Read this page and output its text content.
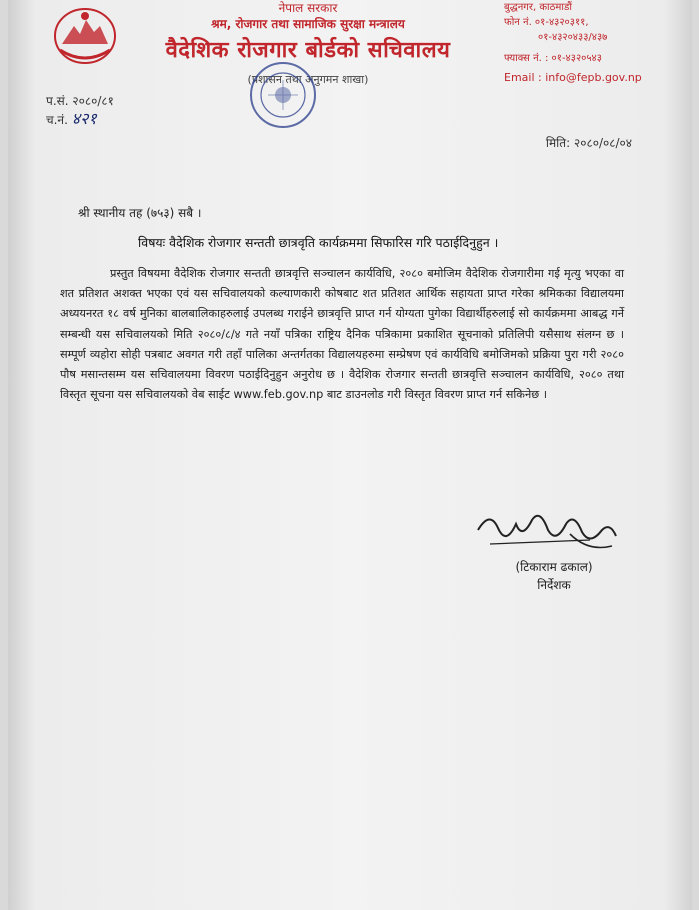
नेपाल सरकार
श्रम, रोजगार तथा सामाजिक सुरक्षा मन्त्रालय
वैदेशिक रोजगार बोर्डको सचिवालय
(प्रशासन तथा अनुगमन शाखा)
बुद्धनगर, काठमाडौं
फोन नं. ०१-४३२०३११,
०१-४३२०४३३/४३७
फ्याक्स नं. : ०१-४३२०५४३
Email : info@fepb.gov.np
प.सं. २०८०/८१
च.नं. ४२१
मिति: २०८०/०८/०४
श्री स्थानीय तह (७५३) सबै ।
विषयः वैदेशिक रोजगार सन्तती छात्रवृति कार्यक्रममा सिफारिस गरि पठाईदिनुहुन ।
प्रस्तुत विषयमा वैदेशिक रोजगार सन्तती छात्रवृत्ति सञ्चालन कार्यविधि, २०८० बमोजिम वैदेशिक रोजगारीमा गई मृत्यु भएका वा शत प्रतिशत अशक्त भएका एवं यस सचिवालयको कल्याणकारी कोषबाट शत प्रतिशत आर्थिक सहायता प्राप्त गरेका श्रमिकका विद्यालयमा अध्ययनरत १८ वर्ष मुनिका बालबालिकाहरुलाई उपलब्ध गराईने छात्रवृत्ति प्राप्त गर्न योग्यता पुगेका विद्यार्थीहरुलाई सो कार्यक्रममा आबद्ध गर्ने सम्बन्धी यस सचिवालयको मिति २०८०/८/४ गते नयाँ पत्रिका राष्ट्रिय दैनिक पत्रिकामा प्रकाशित सूचनाको प्रतिलिपी यसैसाथ संलग्न छ । सम्पूर्ण व्यहोरा सोही पत्रबाट अवगत गरी तहाँ पालिका अन्तर्गतका विद्यालयहरुमा सम्प्रेषण एवं कार्यविधि बमोजिमको प्रक्रिया पुरा गरी २०८० पौष मसान्तसम्म यस सचिवालयमा विवरण पठाईदिनुहुन अनुरोध छ । वैदेशिक रोजगार सन्तती छात्रवृत्ति सञ्चालन कार्यविधि, २०८० तथा विस्तृत सूचना यस सचिवालयको वेब साईट www.feb.gov.np बाट डाउनलोड गरी विस्तृत विवरण प्राप्त गर्न सकिनेछ ।
(टिकाराम ढकाल)
निर्देशक
